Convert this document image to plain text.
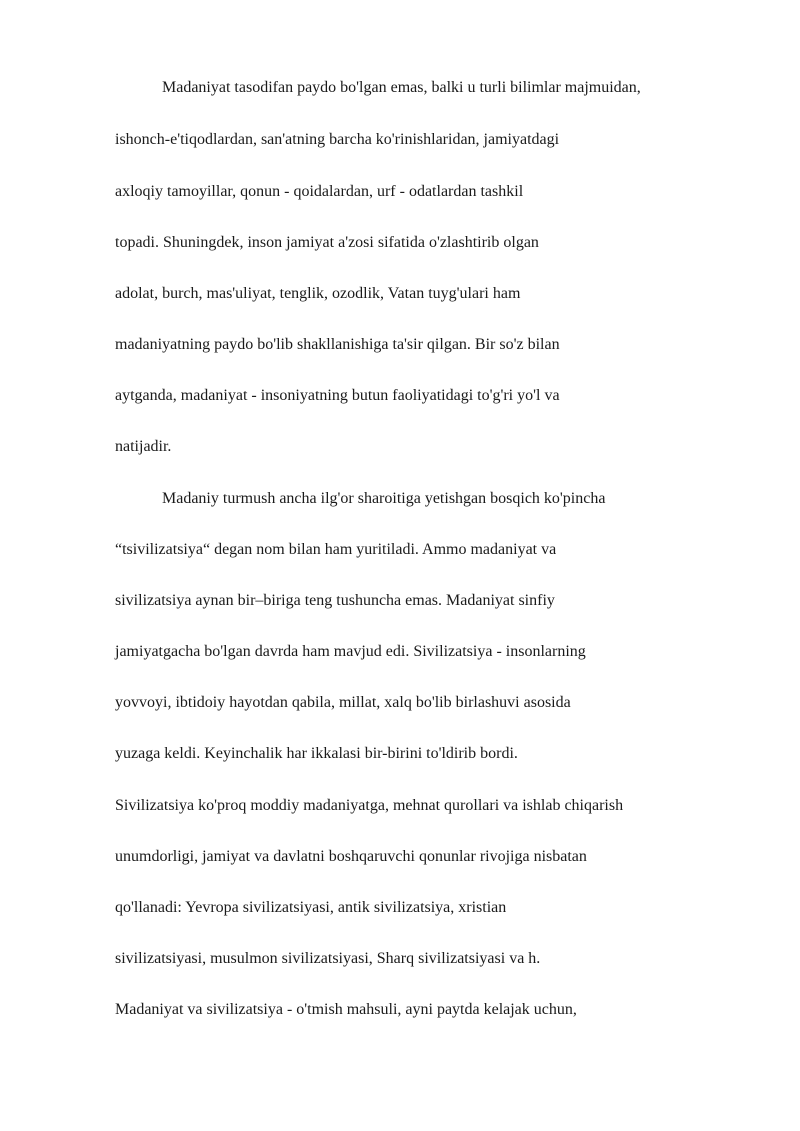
Madaniyat tasodifan paydo bo'lgan emas, balki u turli bilimlar majmuidan,
ishonch-e'tiqodlardan, san'atning barcha ko'rinishlaridan, jamiyatdagi
axloqiy tamoyillar, qonun - qoidalardan, urf - odatlardan tashkil
topadi. Shuningdek, inson jamiyat a'zosi sifatida o'zlashtirib olgan
adolat, burch, mas'uliyat, tenglik, ozodlik, Vatan tuyg'ulari ham
madaniyatning paydo bo'lib shakllanishiga ta'sir qilgan. Bir so'z bilan
aytganda, madaniyat - insoniyatning butun faoliyatidagi to'g'ri yo'l va
natijadir.
Madaniy turmush ancha ilg'or sharoitiga yetishgan bosqich ko'pincha
“tsivilizatsiya“ degan nom bilan ham yuritiladi. Ammo madaniyat va
sivilizatsiya aynan bir–biriga teng tushuncha emas. Madaniyat sinfiy
jamiyatgacha bo'lgan davrda ham mavjud edi. Sivilizatsiya - insonlarning
yovvoyi, ibtidoiy hayotdan qabila, millat, xalq bo'lib birlashuvi asosida
yuzaga keldi. Keyinchalik har ikkalasi bir-birini to'ldirib bordi.
Sivilizatsiya ko'proq moddiy madaniyatga, mehnat qurollari va ishlab chiqarish
unumdorligi, jamiyat va davlatni boshqaruvchi qonunlar rivojiga nisbatan
qo'llanadi: Yevropa sivilizatsiyasi, antik sivilizatsiya, xristian
sivilizatsiyasi, musulmon sivilizatsiyasi, Sharq sivilizatsiyasi va h.
Madaniyat va sivilizatsiya - o'tmish mahsuli, ayni paytda kelajak uchun,
